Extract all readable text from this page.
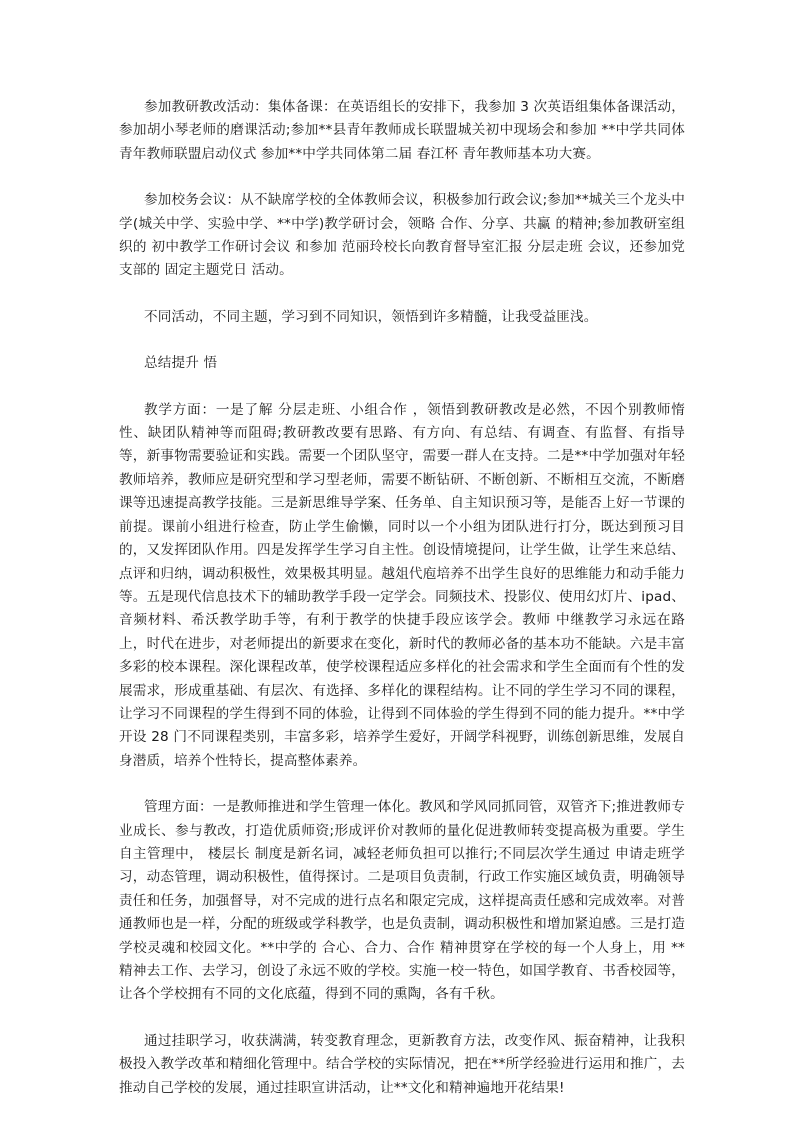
参加教研教改活动：集体备课：在英语组长的安排下，我参加 3 次英语组集体备课活动，参加胡小琴老师的磨课活动;参加**县青年教师成长联盟城关初中现场会和参加 **中学共同体青年教师联盟启动仪式 参加**中学共同体第二届 春江杯 青年教师基本功大赛。

参加校务会议：从不缺席学校的全体教师会议，积极参加行政会议;参加**城关三个龙头中学(城关中学、实验中学、**中学)教学研讨会，领略 合作、分享、共赢 的精神;参加教研室组织的 初中教学工作研讨会议 和参加 范丽玲校长向教育督导室汇报 分层走班 会议，还参加党支部的 固定主题党日 活动。

不同活动，不同主题，学习到不同知识，领悟到许多精髓，让我受益匪浅。

总结提升 悟

教学方面：一是了解 分层走班、小组合作 ，领悟到教研教改是必然，不因个别教师惰性、缺团队精神等而阻碍;教研教改要有思路、有方向、有总结、有调查、有监督、有指导等，新事物需要验证和实践。需要一个团队坚守，需要一群人在支持。二是**中学加强对年轻教师培养，教师应是研究型和学习型老师，需要不断钻研、不断创新、不断相互交流，不断磨课等迅速提高教学技能。三是新思维导学案、任务单、自主知识预习等，是能否上好一节课的前提。课前小组进行检查，防止学生偷懒，同时以一个小组为团队进行打分，既达到预习目的，又发挥团队作用。四是发挥学生学习自主性。创设情境提问，让学生做，让学生来总结、点评和归纳，调动积极性，效果极其明显。越俎代庖培养不出学生良好的思维能力和动手能力等。五是现代信息技术下的辅助教学手段一定学会。同频技术、投影仪、使用幻灯片、ipad、音频材料、希沃教学助手等，有利于教学的快捷手段应该学会。教师 中继教学习永远在路上，时代在进步，对老师提出的新要求在变化，新时代的教师必备的基本功不能缺。六是丰富多彩的校本课程。深化课程改革，使学校课程适应多样化的社会需求和学生全面而有个性的发展需求，形成重基础、有层次、有选择、多样化的课程结构。让不同的学生学习不同的课程，让学习不同课程的学生得到不同的体验，让得到不同体验的学生得到不同的能力提升。**中学开设 28 门不同课程类别，丰富多彩，培养学生爱好，开阔学科视野，训练创新思维，发展自身潜质，培养个性特长，提高整体素养。

管理方面：一是教师推进和学生管理一体化。教风和学风同抓同管，双管齐下;推进教师专业成长、参与教改，打造优质师资;形成评价对教师的量化促进教师转变提高极为重要。学生自主管理中， 楼层长 制度是新名词，减轻老师负担可以推行;不同层次学生通过 申请走班学习，动态管理，调动积极性，值得探讨。二是项目负责制，行政工作实施区域负责，明确领导责任和任务，加强督导，对不完成的进行点名和限定完成，这样提高责任感和完成效率。对普通教师也是一样，分配的班级或学科教学，也是负责制，调动积极性和增加紧迫感。三是打造学校灵魂和校园文化。**中学的 合心、合力、合作 精神贯穿在学校的每一个人身上，用 ** 精神去工作、去学习，创设了永远不败的学校。实施一校一特色，如国学教育、书香校园等，让各个学校拥有不同的文化底蕴，得到不同的熏陶，各有千秋。

通过挂职学习，收获满满，转变教育理念，更新教育方法，改变作风、振奋精神，让我积极投入教学改革和精细化管理中。结合学校的实际情况，把在**所学经验进行运用和推广，去推动自己学校的发展，通过挂职宣讲活动，让**文化和精神遍地开花结果!
